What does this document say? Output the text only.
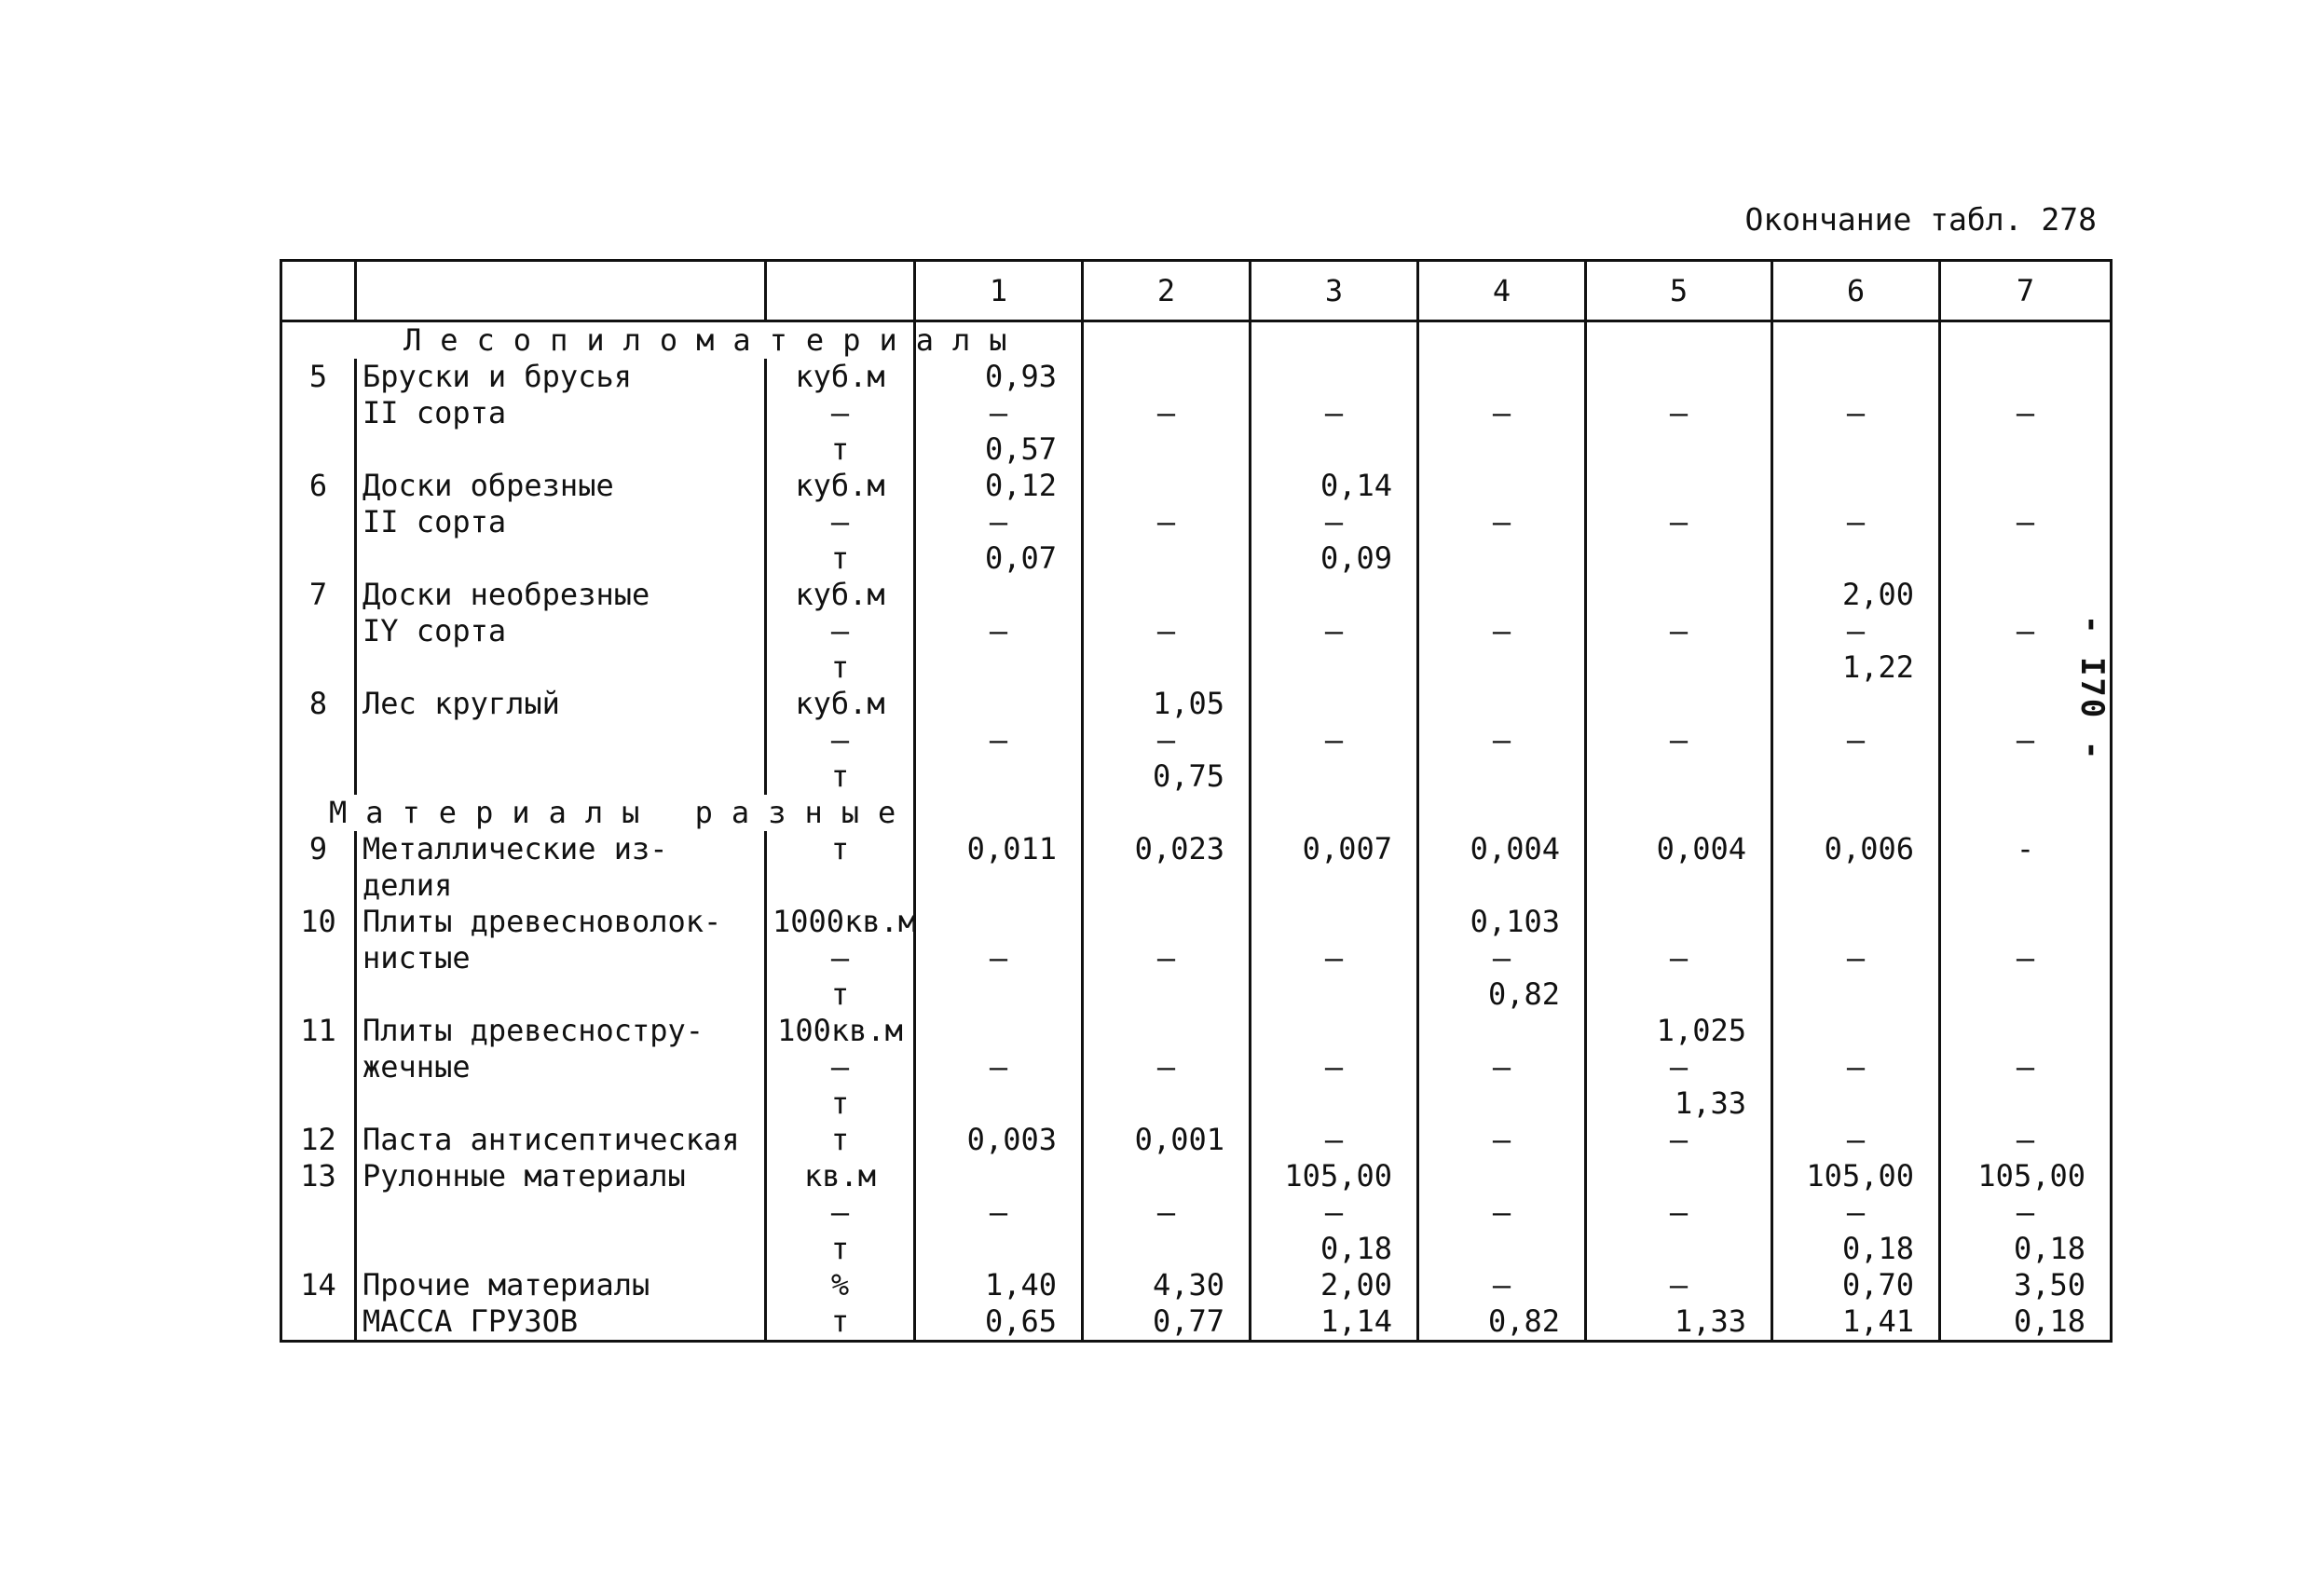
Окончание табл. 278
- I70 -
			1	2	3	4	5	6	7
Лесопиломатериалы									
5	Бруски и брусья	куб.м	0,93						
	II сорта	—	—	–	–	–	–	–	–
		т	0,57						
6	Доски обрезные	куб.м	0,12		0,14				
	II сорта	—	—	–	—	–	–	–	–
		т	0,07		0,09				
7	Доски необрезные	куб.м						2,00	
	IY сорта	—	–	–	–	–	–	—	–
		т						1,22	
8	Лес круглый	куб.м		1,05					
		—	–	—	–	–	–	–	–
		т		0,75					
Материалы разные									
9	Металлические из-	т	0,011	0,023	0,007	0,004	0,004	0,006	-
	делия								
10	Плиты древесноволок-	1000кв.м				0,103			
	нистые	—	–	–	–	—	–	–	–
		т				0,82			
11	Плиты древесностру-	100кв.м					1,025		
	жечные	—	–	–	–	–	—	–	–
		т					1,33		
12	Паста антисептическая	т	0,003	0,001	–	–	–	–	–
13	Рулонные материалы	кв.м			105,00			105,00	105,00
		—	–	–	—	–	–	—	—
		т			0,18			0,18	0,18
14	Прочие материалы	%	1,40	4,30	2,00	–	–	0,70	3,50
	МАССА ГРУЗОВ	т	0,65	0,77	1,14	0,82	1,33	1,41	0,18
